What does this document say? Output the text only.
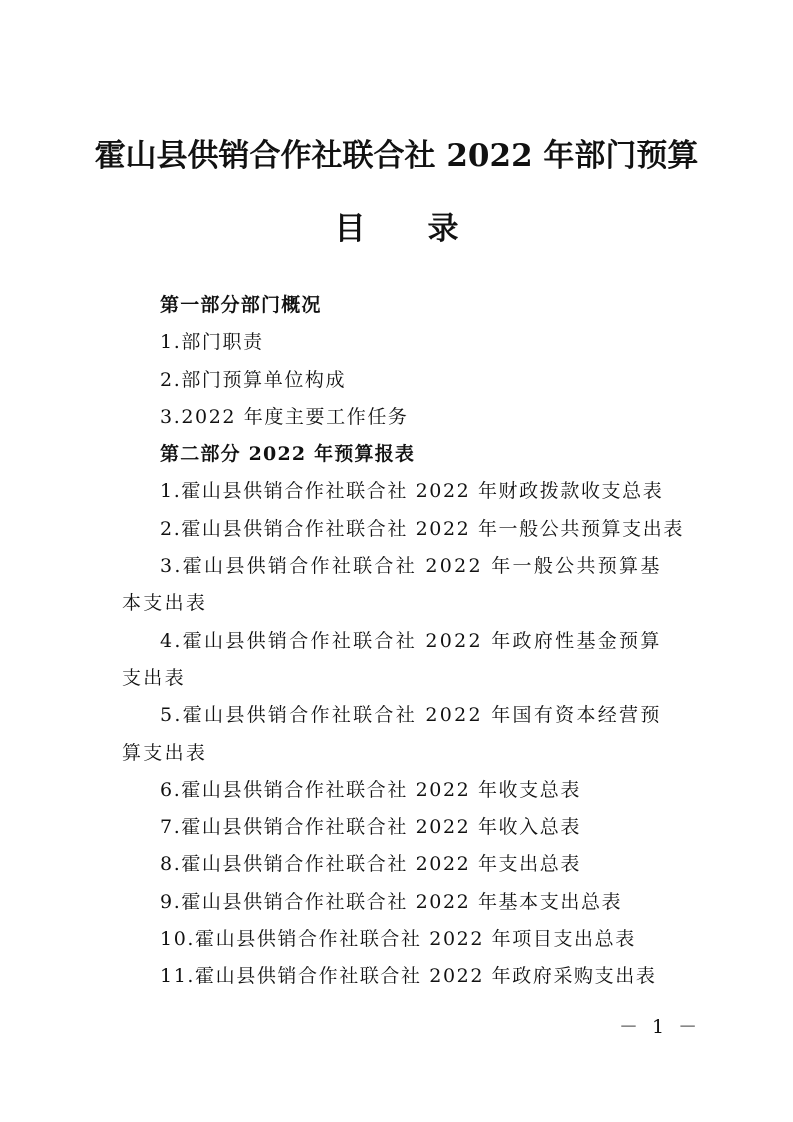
霍山县供销合作社联合社 2022 年部门预算
目 录
第一部分部门概况
1.部门职责
2.部门预算单位构成
3.2022 年度主要工作任务
第二部分 2022 年预算报表
1.霍山县供销合作社联合社 2022 年财政拨款收支总表
2.霍山县供销合作社联合社 2022 年一般公共预算支出表
3.霍山县供销合作社联合社 2022 年一般公共预算基本支出表
4.霍山县供销合作社联合社 2022 年政府性基金预算支出表
5.霍山县供销合作社联合社 2022 年国有资本经营预算支出表
6.霍山县供销合作社联合社 2022 年收支总表
7.霍山县供销合作社联合社 2022 年收入总表
8.霍山县供销合作社联合社 2022 年支出总表
9.霍山县供销合作社联合社 2022 年基本支出总表
10.霍山县供销合作社联合社 2022 年项目支出总表
11.霍山县供销合作社联合社 2022 年政府采购支出表
－ 1 －
